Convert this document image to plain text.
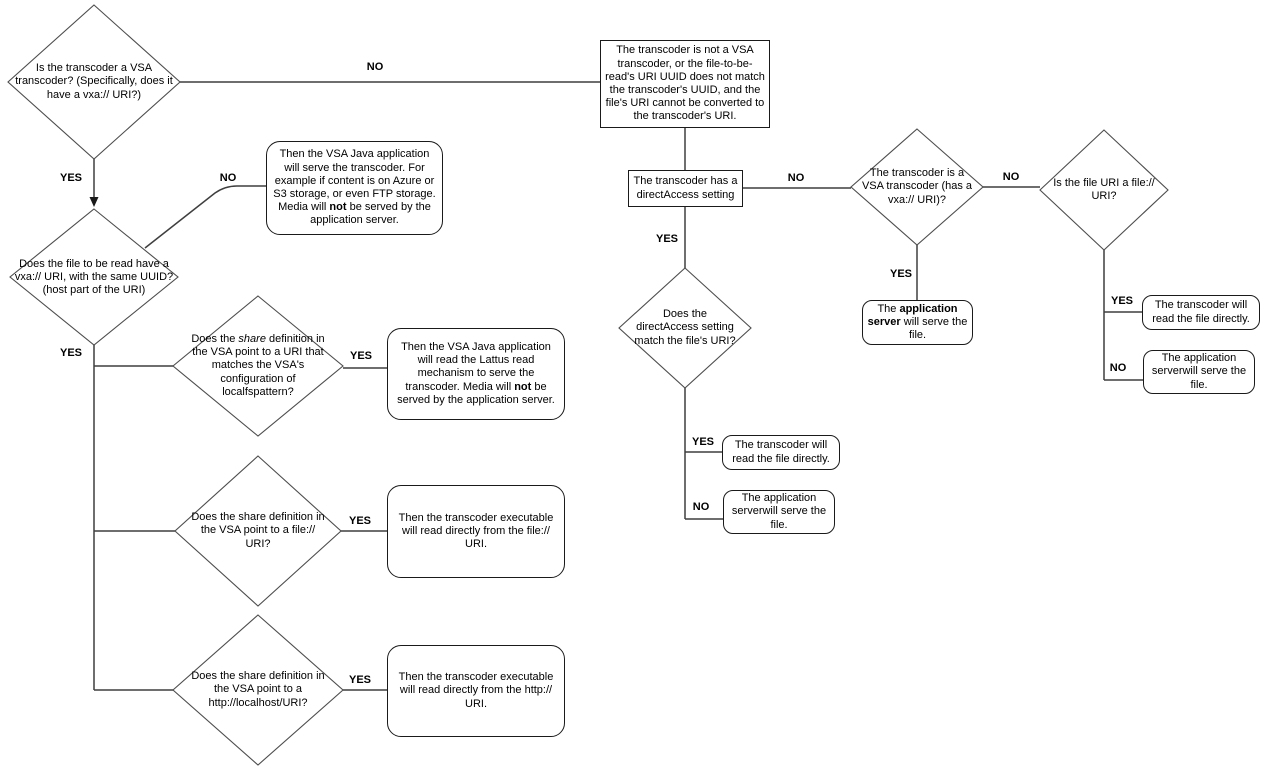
Is the transcoder a VSA transcoder? (Specifically, does it have a vxa:// URI?)
Does the file to be read have a vxa:// URI, with the same UUID? (host part of the URI)
Does the share definition in the VSA point to a URI that matches the VSA's configuration of localfspattern?
Does the share definition in the VSA point to a file:// URI?
Does the share definition in the VSA point to a http://localhost/URI?
Does the directAccess setting match the file's URI?
The transcoder is a VSA transcoder (has a vxa:// URI)?
Is the file URI a file:// URI?
The transcoder is not a VSA transcoder, or the file-to-be-read's URI UUID does not match the transcoder's UUID, and the file's URI cannot be converted to the transcoder's URI.
The transcoder has a directAccess setting
Then the VSA Java application will serve the transcoder. For example if content is on Azure or S3 storage, or even FTP storage. Media will not be served by the application server.
Then the VSA Java application will read the Lattus read mechanism to serve the transcoder. Media will not be served by the application server.
Then the transcoder executable will read directly from the file:// URI.
Then the transcoder executable will read directly from the http:// URI.
The application server will serve the file.
The transcoder will read the file directly.
The application serverwill serve the file.
The transcoder will read the file directly.
The application serverwill serve the file.
NO
YES	NO
YES	YES
YES
YES
NO
YES
YES
NO
YES
NO
YES
NO
